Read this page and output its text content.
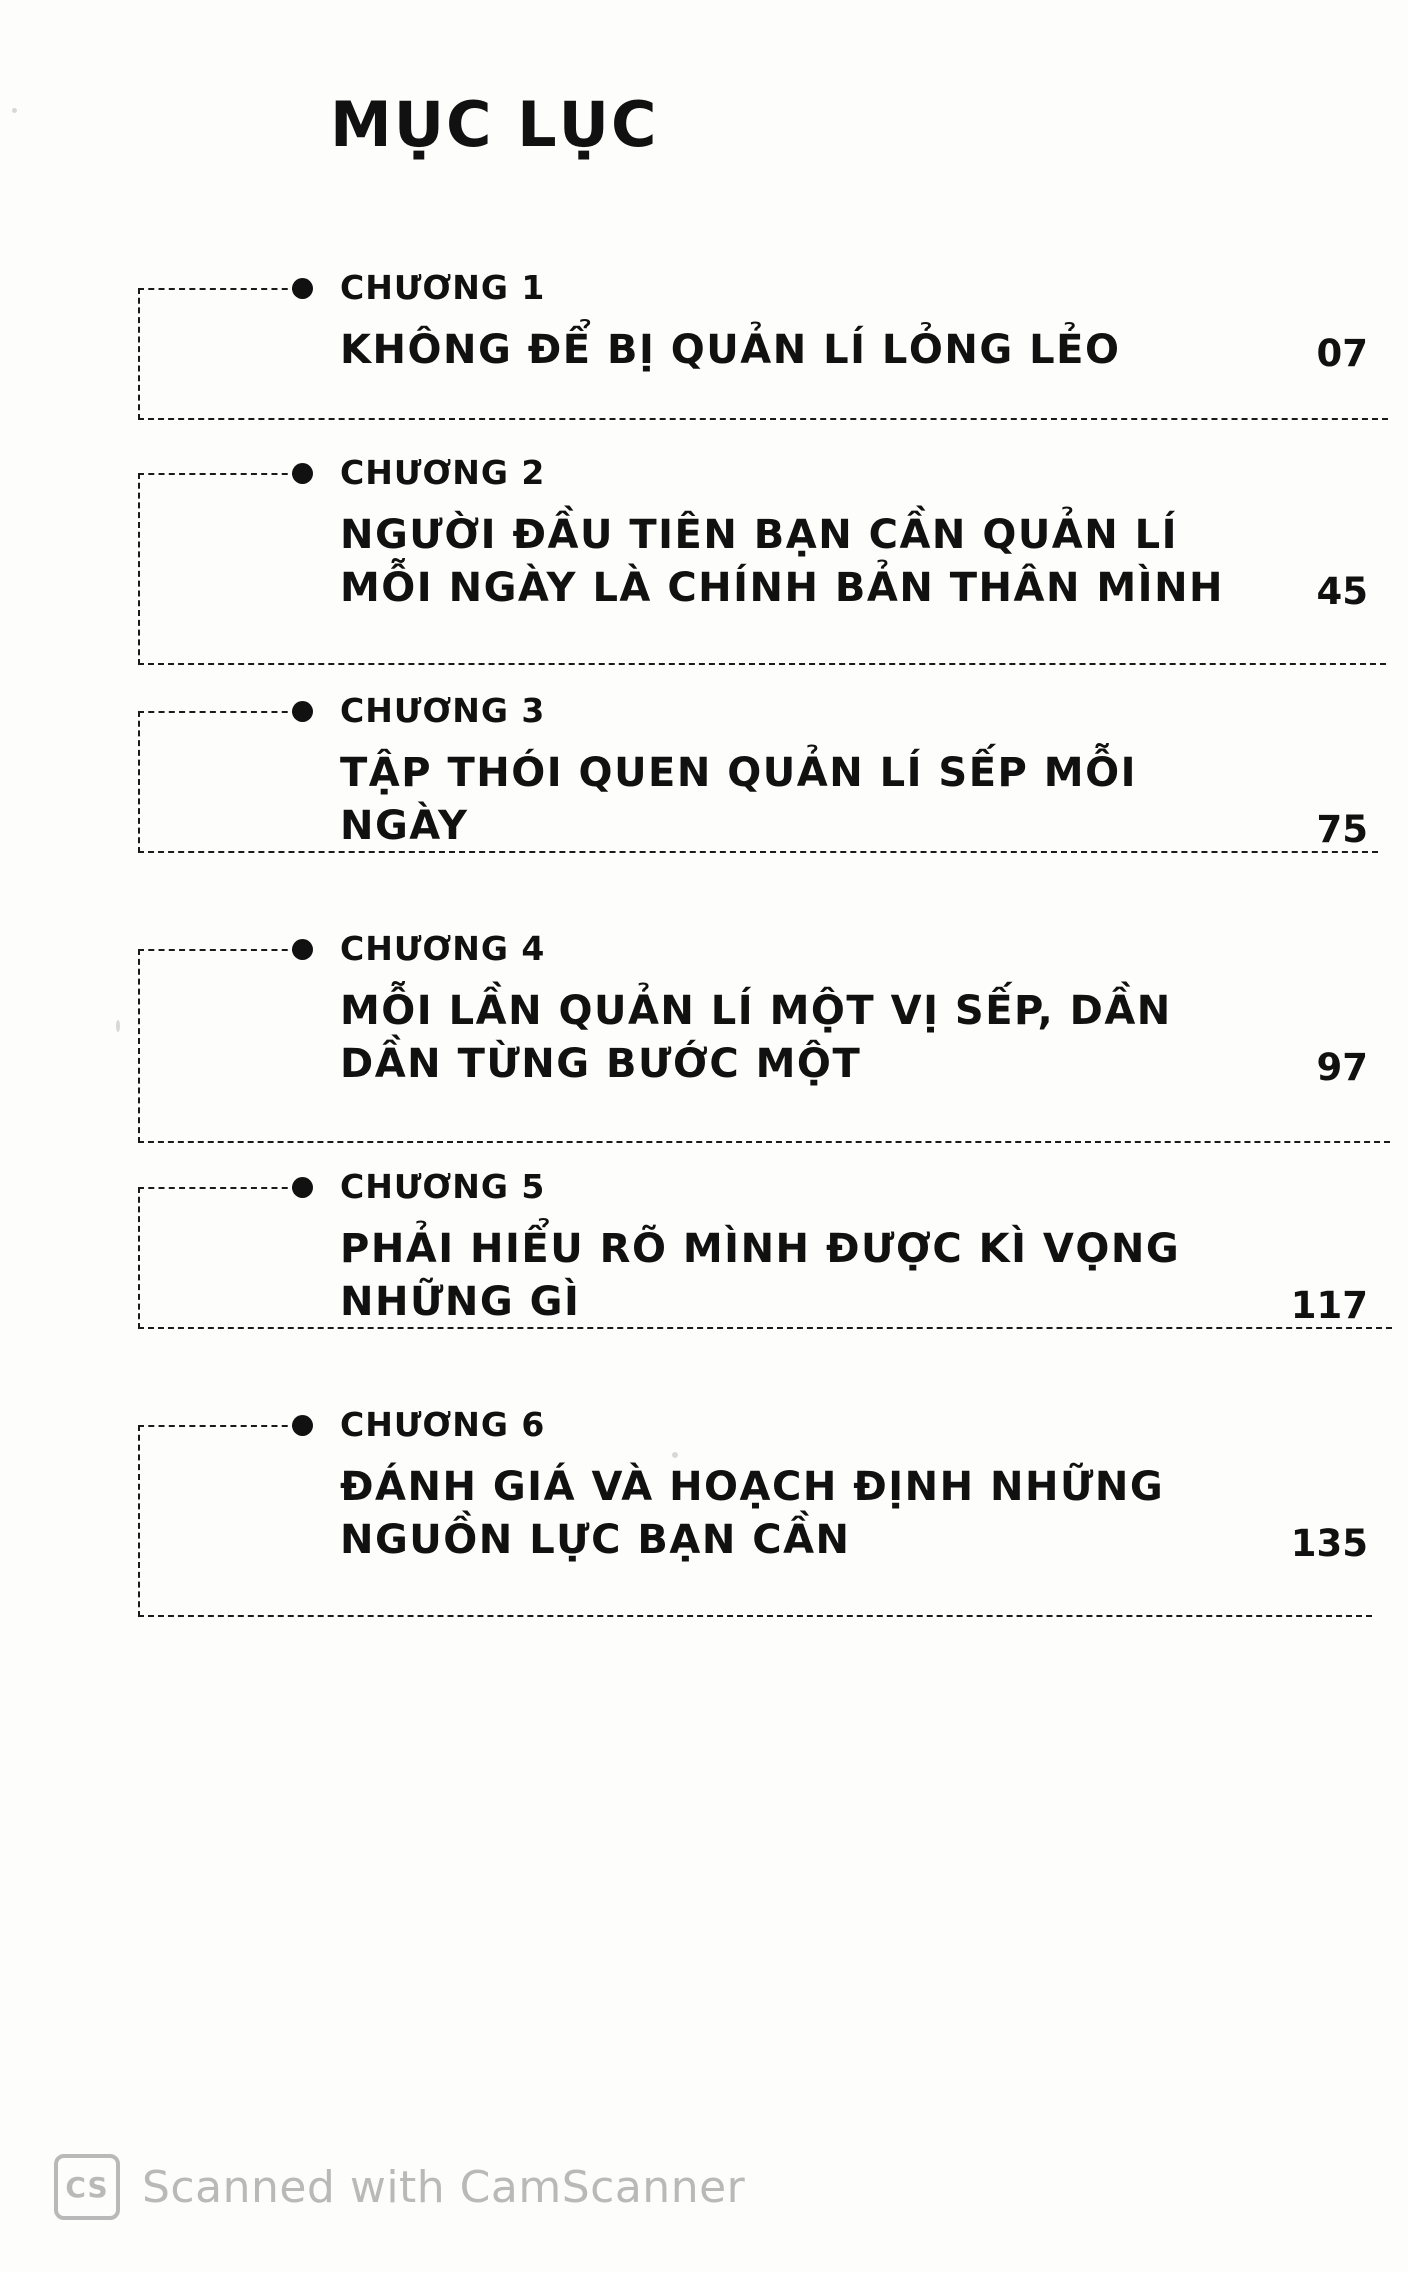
MỤC LỤC
CHƯƠNG 1
KHÔNG ĐỂ BỊ QUẢN LÍ LỎNG LẺO	07
CHƯƠNG 2
NGƯỜI ĐẦU TIÊN BẠN CẦN QUẢN LÍ MỖI NGÀY LÀ CHÍNH BẢN THÂN MÌNH	45
CHƯƠNG 3
TẬP THÓI QUEN QUẢN LÍ SẾP MỖI NGÀY	75
CHƯƠNG 4
MỖI LẦN QUẢN LÍ MỘT VỊ SẾP, DẦN DẦN TỪNG BƯỚC MỘT	97
CHƯƠNG 5
PHẢI HIỂU RÕ MÌNH ĐƯỢC KÌ VỌNG NHỮNG GÌ	117
CHƯƠNG 6
ĐÁNH GIÁ VÀ HOẠCH ĐỊNH NHỮNG NGUỒN LỰC BẠN CẦN	135
CS Scanned with CamScanner
